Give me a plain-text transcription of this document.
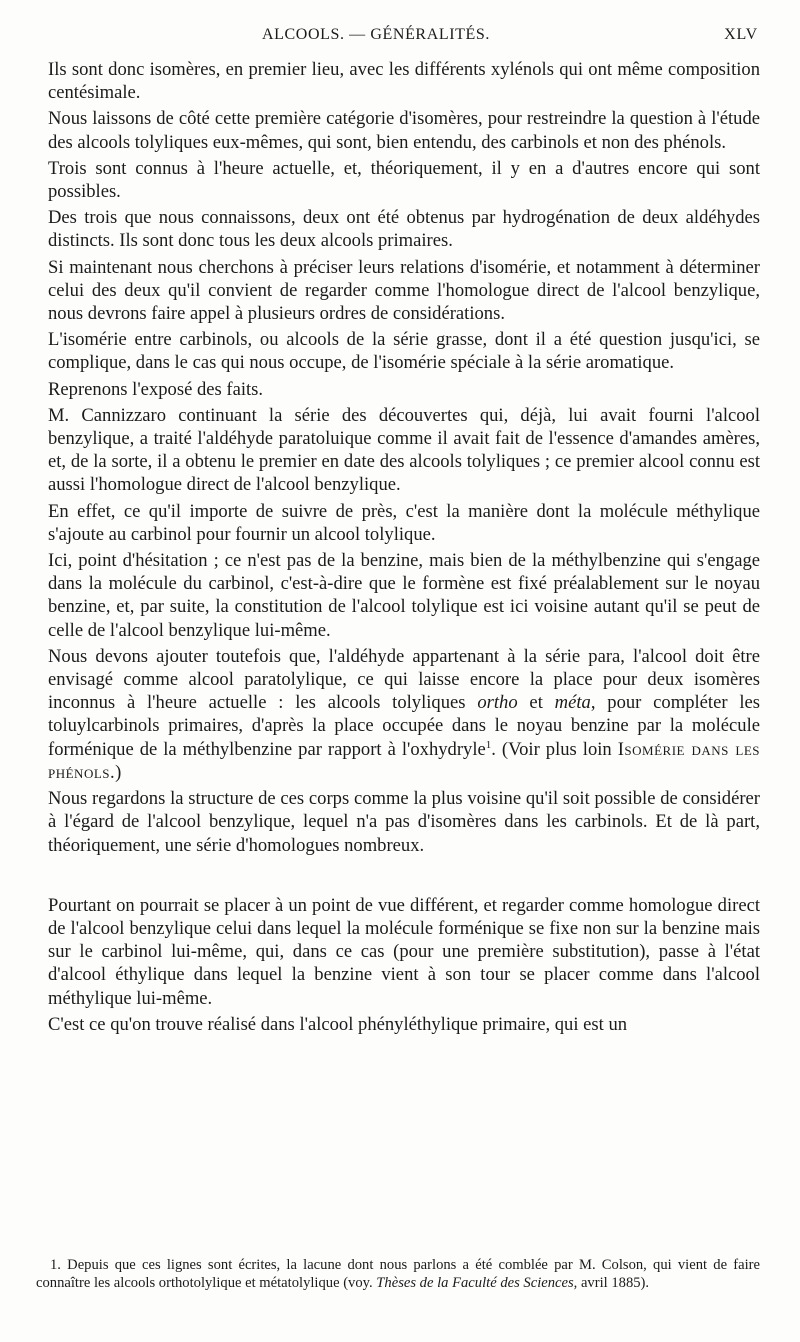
ALCOOLS. — GÉNÉRALITÉS.	XLV

Ils sont donc isomères, en premier lieu, avec les différents xylénols qui ont même composition centésimale.

Nous laissons de côté cette première catégorie d'isomères, pour restreindre la question à l'étude des alcools tolyliques eux-mêmes, qui sont, bien entendu, des carbinols et non des phénols.

Trois sont connus à l'heure actuelle, et, théoriquement, il y en a d'autres encore qui sont possibles.

Des trois que nous connaissons, deux ont été obtenus par hydrogénation de deux aldéhydes distincts. Ils sont donc tous les deux alcools primaires.

Si maintenant nous cherchons à préciser leurs relations d'isomérie, et notamment à déterminer celui des deux qu'il convient de regarder comme l'homologue direct de l'alcool benzylique, nous devrons faire appel à plusieurs ordres de considérations.

L'isomérie entre carbinols, ou alcools de la série grasse, dont il a été question jusqu'ici, se complique, dans le cas qui nous occupe, de l'isomérie spéciale à la série aromatique.

Reprenons l'exposé des faits.

M. Cannizzaro continuant la série des découvertes qui, déjà, lui avait fourni l'alcool benzylique, a traité l'aldéhyde paratoluique comme il avait fait de l'essence d'amandes amères, et, de la sorte, il a obtenu le premier en date des alcools tolyliques ; ce premier alcool connu est aussi l'homologue direct de l'alcool benzylique.

En effet, ce qu'il importe de suivre de près, c'est la manière dont la molécule méthylique s'ajoute au carbinol pour fournir un alcool tolylique.

Ici, point d'hésitation ; ce n'est pas de la benzine, mais bien de la méthylbenzine qui s'engage dans la molécule du carbinol, c'est-à-dire que le formène est fixé préalablement sur le noyau benzine, et, par suite, la constitution de l'alcool tolylique est ici voisine autant qu'il se peut de celle de l'alcool benzylique lui-même.

Nous devons ajouter toutefois que, l'aldéhyde appartenant à la série para, l'alcool doit être envisagé comme alcool paratolylique, ce qui laisse encore la place pour deux isomères inconnus à l'heure actuelle : les alcools tolyliques ortho et méta, pour compléter les toluylcarbinols primaires, d'après la place occupée dans le noyau benzine par la molécule forménique de la méthylbenzine par rapport à l'oxhydryle$^1$. (Voir plus loin Isomérie dans les phénols.)

Nous regardons la structure de ces corps comme la plus voisine qu'il soit possible de considérer à l'égard de l'alcool benzylique, lequel n'a pas d'isomères dans les carbinols. Et de là part, théoriquement, une série d'homologues nombreux.

Pourtant on pourrait se placer à un point de vue différent, et regarder comme homologue direct de l'alcool benzylique celui dans lequel la molécule forménique se fixe non sur la benzine mais sur le carbinol lui-même, qui, dans ce cas (pour une première substitution), passe à l'état d'alcool éthylique dans lequel la benzine vient à son tour se placer comme dans l'alcool méthylique lui-même.

C'est ce qu'on trouve réalisé dans l'alcool phényléthylique primaire, qui est un

1. Depuis que ces lignes sont écrites, la lacune dont nous parlons a été comblée par M. Colson, qui vient de faire connaître les alcools orthotolylique et métatolylique (voy. Thèses de la Faculté des Sciences, avril 1885).
